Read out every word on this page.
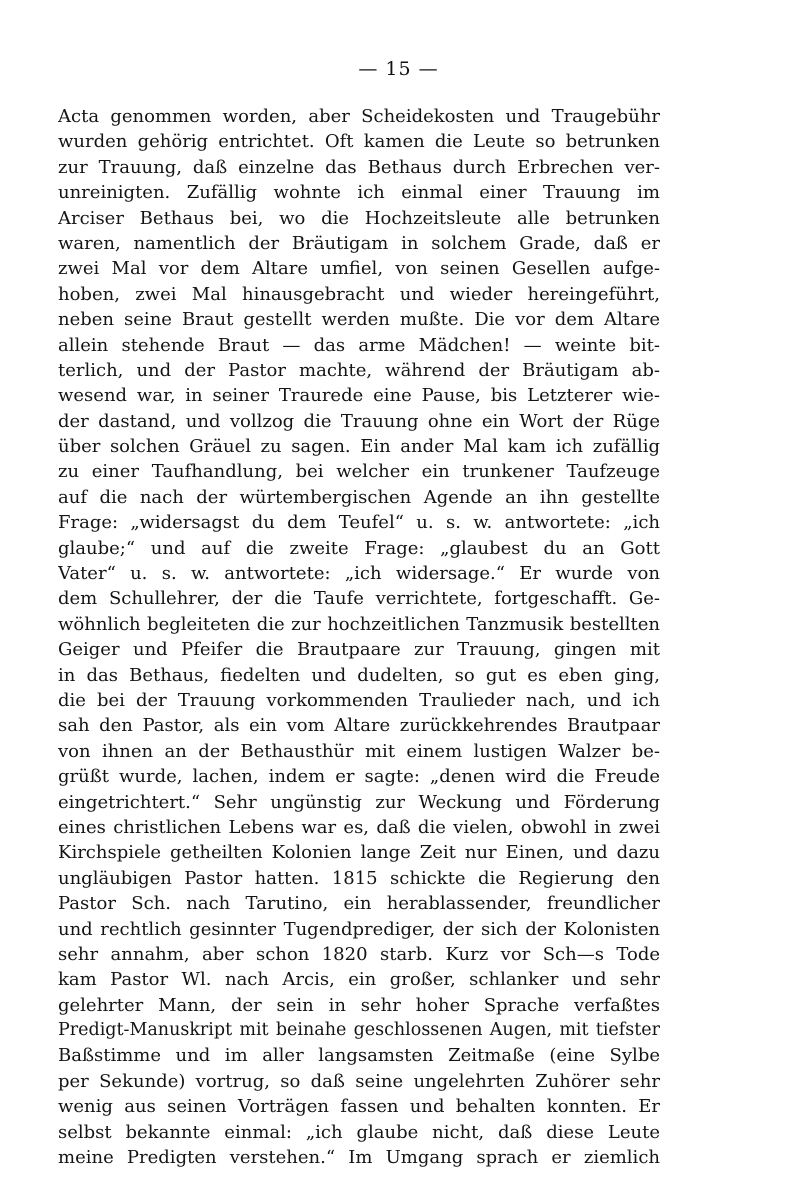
— 15 —
Acta genommen worden, aber Scheidekosten und Traugebühr
wurden gehörig entrichtet. Oft kamen die Leute so betrunken
zur Trauung, daß einzelne das Bethaus durch Erbrechen ver-
unreinigten. Zufällig wohnte ich einmal einer Trauung im
Arciser Bethaus bei, wo die Hochzeitsleute alle betrunken
waren, namentlich der Bräutigam in solchem Grade, daß er
zwei Mal vor dem Altare umfiel, von seinen Gesellen aufge-
hoben, zwei Mal hinausgebracht und wieder hereingeführt,
neben seine Braut gestellt werden mußte. Die vor dem Altare
allein stehende Braut — das arme Mädchen! — weinte bit-
terlich, und der Pastor machte, während der Bräutigam ab-
wesend war, in seiner Traurede eine Pause, bis Letzterer wie-
der dastand, und vollzog die Trauung ohne ein Wort der Rüge
über solchen Gräuel zu sagen. Ein ander Mal kam ich zufällig
zu einer Taufhandlung, bei welcher ein trunkener Taufzeuge
auf die nach der würtembergischen Agende an ihn gestellte
Frage: „widersagst du dem Teufel“ u. s. w. antwortete: „ich
glaube;“ und auf die zweite Frage: „glaubest du an Gott
Vater“ u. s. w. antwortete: „ich widersage.“ Er wurde von
dem Schullehrer, der die Taufe verrichtete, fortgeschafft. Ge-
wöhnlich begleiteten die zur hochzeitlichen Tanzmusik bestellten
Geiger und Pfeifer die Brautpaare zur Trauung, gingen mit
in das Bethaus, fiedelten und dudelten, so gut es eben ging,
die bei der Trauung vorkommenden Traulieder nach, und ich
sah den Pastor, als ein vom Altare zurückkehrendes Brautpaar
von ihnen an der Bethausthür mit einem lustigen Walzer be-
grüßt wurde, lachen, indem er sagte: „denen wird die Freude
eingetrichtert.“ Sehr ungünstig zur Weckung und Förderung
eines christlichen Lebens war es, daß die vielen, obwohl in zwei
Kirchspiele getheilten Kolonien lange Zeit nur Einen, und dazu
ungläubigen Pastor hatten. 1815 schickte die Regierung den
Pastor Sch. nach Tarutino, ein herablassender, freundlicher
und rechtlich gesinnter Tugendprediger, der sich der Kolonisten
sehr annahm, aber schon 1820 starb. Kurz vor Sch—s Tode
kam Pastor Wl. nach Arcis, ein großer, schlanker und sehr
gelehrter Mann, der sein in sehr hoher Sprache verfaßtes
Predigt-Manuskript mit beinahe geschlossenen Augen, mit tiefster
Baßstimme und im aller langsamsten Zeitmaße (eine Sylbe
per Sekunde) vortrug, so daß seine ungelehrten Zuhörer sehr
wenig aus seinen Vorträgen fassen und behalten konnten. Er
selbst bekannte einmal: „ich glaube nicht, daß diese Leute
meine Predigten verstehen.“ Im Umgang sprach er ziemlich
